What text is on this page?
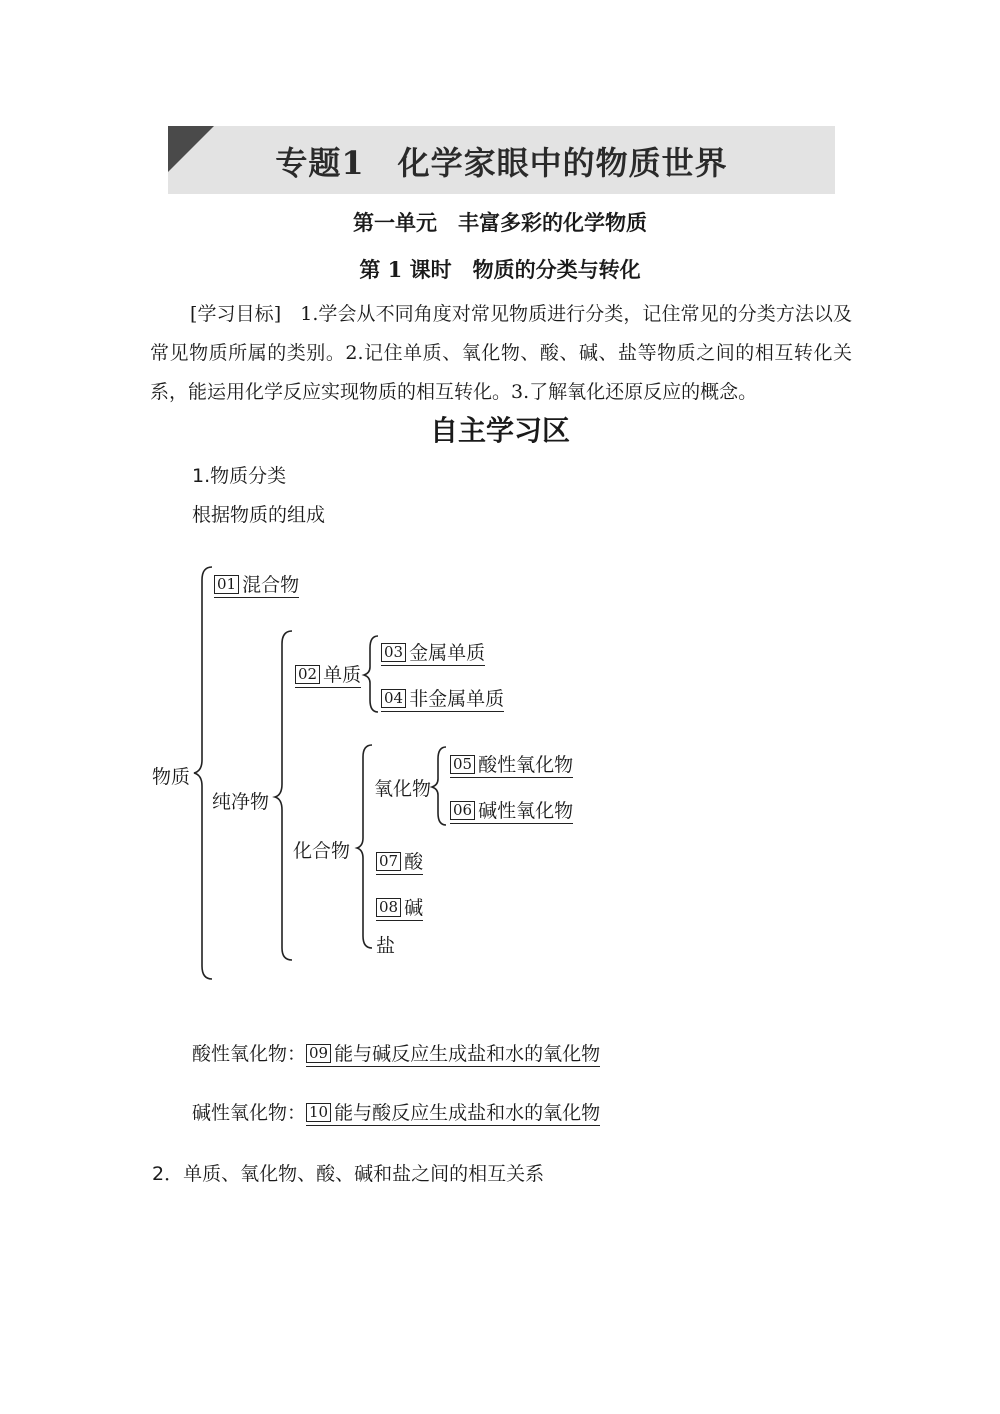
专题1　化学家眼中的物质世界
第一单元　丰富多彩的化学物质
第 1 课时　物质的分类与转化
[学习目标]　 1.学会从不同角度对常见物质进行分类，记住常见的分类方法以及常见物质所属的类别。2.记住单质、氧化物、酸、碱、盐等物质之间的相互转化关系，能运用化学反应实现物质的相互转化。3.了解氧化还原反应的概念。
自主学习区
1.物质分类
根据物质的组成
物质
01 混合物
纯净物
02 单质
03 金属单质
04 非金属单质
化合物
氧化物
05 酸性氧化物
06 碱性氧化物
07 酸
08 碱
盐
酸性氧化物： 09 能与碱反应生成盐和水的氧化物
碱性氧化物： 10 能与酸反应生成盐和水的氧化物
2．单质、氧化物、酸、碱和盐之间的相互关系
